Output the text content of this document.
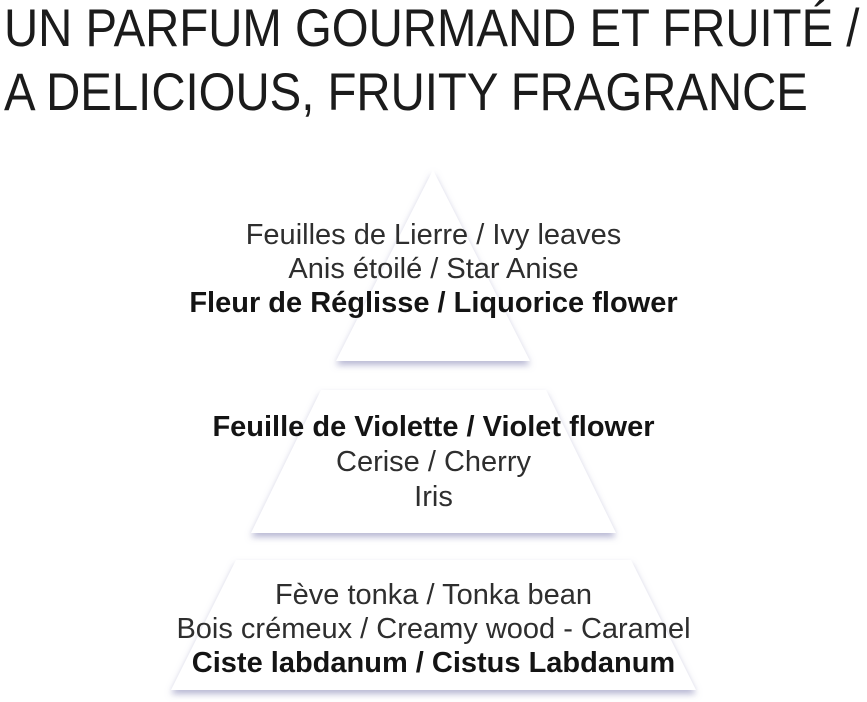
UN PARFUM GOURMAND ET FRUITÉ /
A DELICIOUS, FRUITY FRAGRANCE
Feuilles de Lierre / Ivy leaves
Anis étoilé / Star Anise
Fleur de Réglisse / Liquorice flower
Feuille de Violette / Violet flower
Cerise / Cherry
Iris
Fève tonka / Tonka bean
Bois crémeux / Creamy wood - Caramel
Ciste labdanum / Cistus Labdanum
